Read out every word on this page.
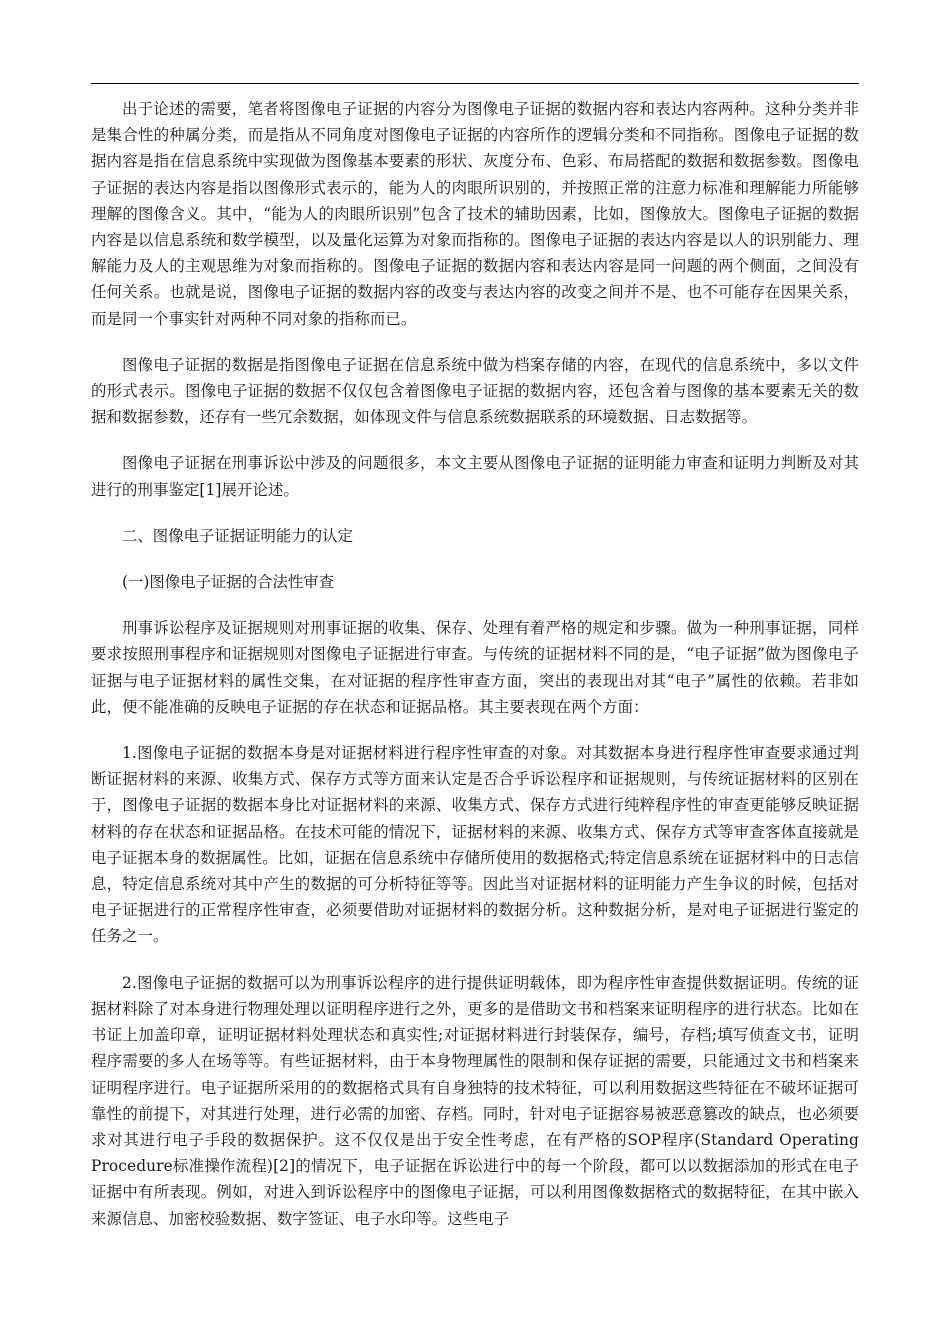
出于论述的需要，笔者将图像电子证据的内容分为图像电子证据的数据内容和表达内容两种。这种分类并非是集合性的种属分类，而是指从不同角度对图像电子证据的内容所作的逻辑分类和不同指称。图像电子证据的数据内容是指在信息系统中实现做为图像基本要素的形状、灰度分布、色彩、布局搭配的数据和数据参数。图像电子证据的表达内容是指以图像形式表示的，能为人的肉眼所识别的，并按照正常的注意力标准和理解能力所能够理解的图像含义。其中，“能为人的肉眼所识别”包含了技术的辅助因素，比如，图像放大。图像电子证据的数据内容是以信息系统和数学模型，以及量化运算为对象而指称的。图像电子证据的表达内容是以人的识别能力、理解能力及人的主观思维为对象而指称的。图像电子证据的数据内容和表达内容是同一问题的两个侧面，之间没有任何关系。也就是说，图像电子证据的数据内容的改变与表达内容的改变之间并不是、也不可能存在因果关系，而是同一个事实针对两种不同对象的指称而已。

图像电子证据的数据是指图像电子证据在信息系统中做为档案存储的内容，在现代的信息系统中，多以文件的形式表示。图像电子证据的数据不仅仅包含着图像电子证据的数据内容，还包含着与图像的基本要素无关的数据和数据参数，还存有一些冗余数据，如体现文件与信息系统数据联系的环境数据、日志数据等。

图像电子证据在刑事诉讼中涉及的问题很多，本文主要从图像电子证据的证明能力审查和证明力判断及对其进行的刑事鉴定[1]展开论述。

二、图像电子证据证明能力的认定

(一)图像电子证据的合法性审查

刑事诉讼程序及证据规则对刑事证据的收集、保存、处理有着严格的规定和步骤。做为一种刑事证据，同样要求按照刑事程序和证据规则对图像电子证据进行审查。与传统的证据材料不同的是，“电子证据”做为图像电子证据与电子证据材料的属性交集，在对证据的程序性审查方面，突出的表现出对其“电子”属性的依赖。若非如此，便不能准确的反映电子证据的存在状态和证据品格。其主要表现在两个方面：

1.图像电子证据的数据本身是对证据材料进行程序性审查的对象。对其数据本身进行程序性审查要求通过判断证据材料的来源、收集方式、保存方式等方面来认定是否合乎诉讼程序和证据规则，与传统证据材料的区别在于，图像电子证据的数据本身比对证据材料的来源、收集方式、保存方式进行纯粹程序性的审查更能够反映证据材料的存在状态和证据品格。在技术可能的情况下，证据材料的来源、收集方式、保存方式等审查客体直接就是电子证据本身的数据属性。比如，证据在信息系统中存储所使用的数据格式;特定信息系统在证据材料中的日志信息，特定信息系统对其中产生的数据的可分析特征等等。因此当对证据材料的证明能力产生争议的时候，包括对电子证据进行的正常程序性审查，必须要借助对证据材料的数据分析。这种数据分析，是对电子证据进行鉴定的任务之一。

2.图像电子证据的数据可以为刑事诉讼程序的进行提供证明载体，即为程序性审查提供数据证明。传统的证据材料除了对本身进行物理处理以证明程序进行之外，更多的是借助文书和档案来证明程序的进行状态。比如在书证上加盖印章，证明证据材料处理状态和真实性;对证据材料进行封装保存，编号，存档;填写侦查文书，证明程序需要的多人在场等等。有些证据材料，由于本身物理属性的限制和保存证据的需要，只能通过文书和档案来证明程序进行。电子证据所采用的的数据格式具有自身独特的技术特征，可以利用数据这些特征在不破坏证据可靠性的前提下，对其进行处理，进行必需的加密、存档。同时，针对电子证据容易被恶意篡改的缺点，也必须要求对其进行电子手段的数据保护。这不仅仅是出于安全性考虑，在有严格的SOP程序(Standard Operating Procedure标准操作流程)[2]的情况下，电子证据在诉讼进行中的每一个阶段，都可以以数据添加的形式在电子证据中有所表现。例如，对进入到诉讼程序中的图像电子证据，可以利用图像数据格式的数据特征，在其中嵌入来源信息、加密校验数据、数字签证、电子水印等。这些电子
